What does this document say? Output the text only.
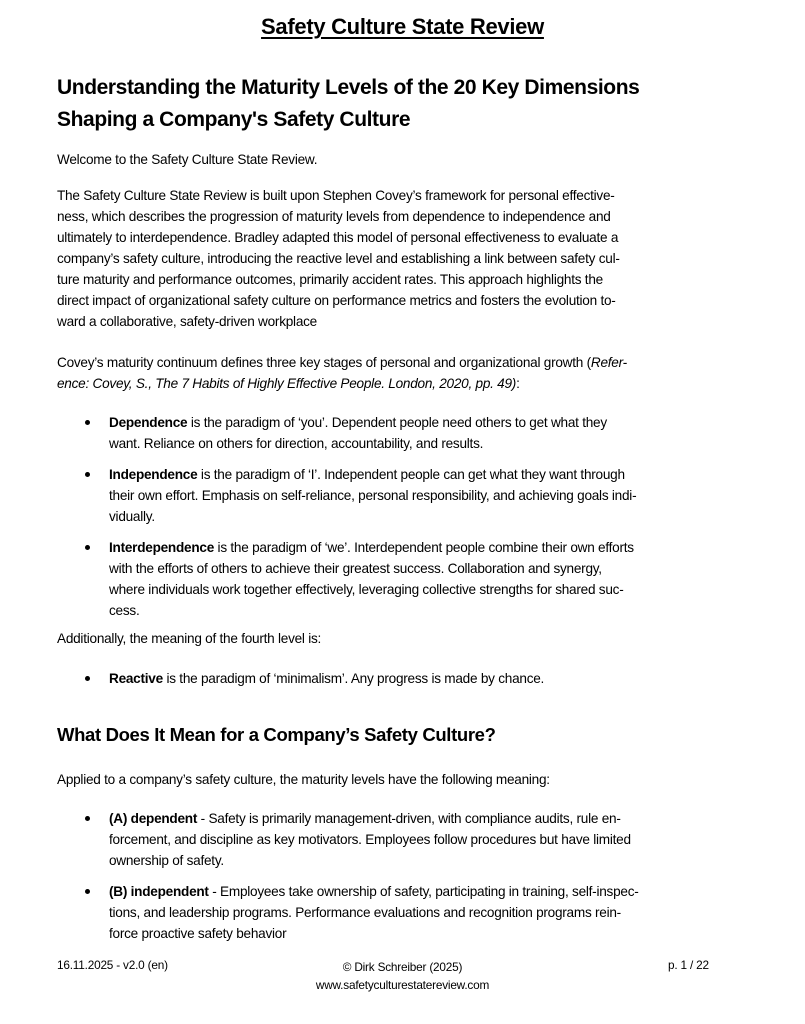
Safety Culture State Review
Understanding the Maturity Levels of the 20 Key Dimensions
Shaping a Company's Safety Culture
Welcome to the Safety Culture State Review.
The Safety Culture State Review is built upon Stephen Covey’s framework for personal effective-
ness, which describes the progression of maturity levels from dependence to independence and
ultimately to interdependence. Bradley adapted this model of personal effectiveness to evaluate a
company’s safety culture, introducing the reactive level and establishing a link between safety cul-
ture maturity and performance outcomes, primarily accident rates. This approach highlights the
direct impact of organizational safety culture on performance metrics and fosters the evolution to-
ward a collaborative, safety-driven workplace
Covey’s maturity continuum defines three key stages of personal and organizational growth (Refer-
ence: Covey, S., The 7 Habits of Highly Effective People. London, 2020, pp. 49):
Dependence is the paradigm of ‘you’. Dependent people need others to get what they
want. Reliance on others for direction, accountability, and results.
Independence is the paradigm of ‘I’. Independent people can get what they want through
their own effort. Emphasis on self-reliance, personal responsibility, and achieving goals indi-
vidually.
Interdependence is the paradigm of ‘we’. Interdependent people combine their own efforts
with the efforts of others to achieve their greatest success. Collaboration and synergy,
where individuals work together effectively, leveraging collective strengths for shared suc-
cess.
Additionally, the meaning of the fourth level is:
Reactive is the paradigm of ‘minimalism’. Any progress is made by chance.
What Does It Mean for a Company’s Safety Culture?
Applied to a company’s safety culture, the maturity levels have the following meaning:
(A) dependent - Safety is primarily management-driven, with compliance audits, rule en-
forcement, and discipline as key motivators. Employees follow procedures but have limited
ownership of safety.
(B) independent - Employees take ownership of safety, participating in training, self-inspec-
tions, and leadership programs. Performance evaluations and recognition programs rein-
force proactive safety behavior
16.11.2025 - v2.0 (en)	© Dirk Schreiber (2025)
www.safetyculturestatereview.com
p. 1 / 22
